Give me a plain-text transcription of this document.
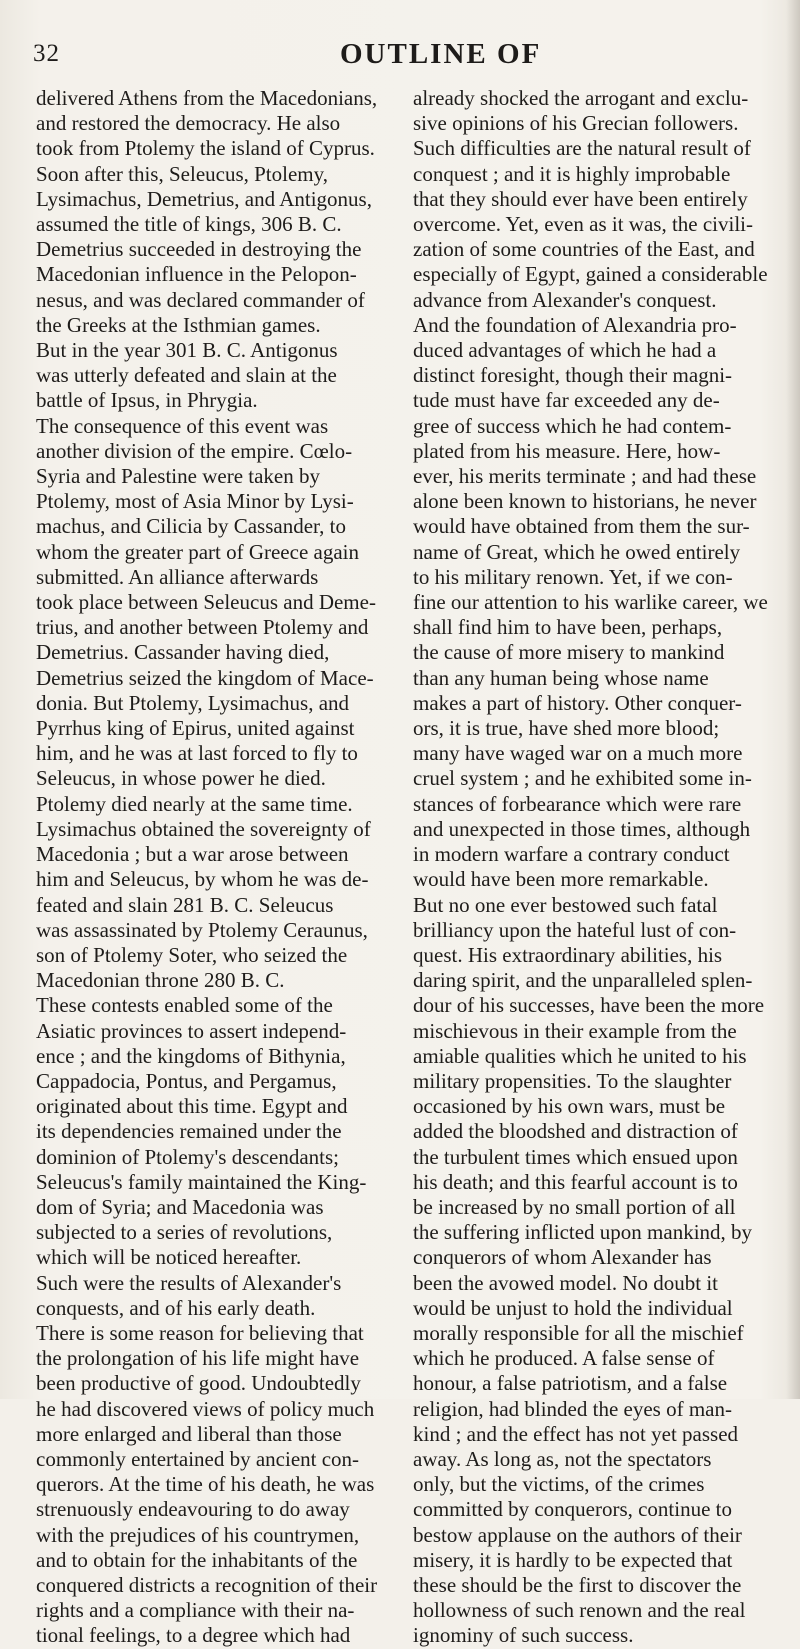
32	OUTLINE OF

delivered Athens from the Macedonians,

and restored the democracy. He also

took from Ptolemy the island of Cyprus.

Soon after this, Seleucus, Ptolemy,

Lysimachus, Demetrius, and Antigonus,

assumed the title of kings, 306 B. C.

Demetrius succeeded in destroying the

Macedonian influence in the Pelopon-

nesus, and was declared commander of

the Greeks at the Isthmian games.

But in the year 301 B. C. Antigonus

was utterly defeated and slain at the

battle of Ipsus, in Phrygia.

The consequence of this event was

another division of the empire. Cœlo-

Syria and Palestine were taken by

Ptolemy, most of Asia Minor by Lysi-

machus, and Cilicia by Cassander, to

whom the greater part of Greece again

submitted. An alliance afterwards

took place between Seleucus and Deme-

trius, and another between Ptolemy and

Demetrius. Cassander having died,

Demetrius seized the kingdom of Mace-

donia. But Ptolemy, Lysimachus, and

Pyrrhus king of Epirus, united against

him, and he was at last forced to fly to

Seleucus, in whose power he died.

Ptolemy died nearly at the same time.

Lysimachus obtained the sovereignty of

Macedonia ; but a war arose between

him and Seleucus, by whom he was de-

feated and slain 281 B. C. Seleucus

was assassinated by Ptolemy Ceraunus,

son of Ptolemy Soter, who seized the

Macedonian throne 280 B. C.

These contests enabled some of the

Asiatic provinces to assert independ-

ence ; and the kingdoms of Bithynia,

Cappadocia, Pontus, and Pergamus,

originated about this time. Egypt and

its dependencies remained under the

dominion of Ptolemy's descendants;

Seleucus's family maintained the King-

dom of Syria; and Macedonia was

subjected to a series of revolutions,

which will be noticed hereafter.

Such were the results of Alexander's

conquests, and of his early death.

There is some reason for believing that

the prolongation of his life might have

been productive of good. Undoubtedly

he had discovered views of policy much

more enlarged and liberal than those

commonly entertained by ancient con-

querors. At the time of his death, he was

strenuously endeavouring to do away

with the prejudices of his countrymen,

and to obtain for the inhabitants of the

conquered districts a recognition of their

rights and a compliance with their na-

tional feelings, to a degree which had

already shocked the arrogant and exclu-

sive opinions of his Grecian followers.

Such difficulties are the natural result of

conquest ; and it is highly improbable

that they should ever have been entirely

overcome. Yet, even as it was, the civili-

zation of some countries of the East, and

especially of Egypt, gained a considerable

advance from Alexander's conquest.

And the foundation of Alexandria pro-

duced advantages of which he had a

distinct foresight, though their magni-

tude must have far exceeded any de-

gree of success which he had contem-

plated from his measure. Here, how-

ever, his merits terminate ; and had these

alone been known to historians, he never

would have obtained from them the sur-

name of Great, which he owed entirely

to his military renown. Yet, if we con-

fine our attention to his warlike career, we

shall find him to have been, perhaps,

the cause of more misery to mankind

than any human being whose name

makes a part of history. Other conquer-

ors, it is true, have shed more blood;

many have waged war on a much more

cruel system ; and he exhibited some in-

stances of forbearance which were rare

and unexpected in those times, although

in modern warfare a contrary conduct

would have been more remarkable.

But no one ever bestowed such fatal

brilliancy upon the hateful lust of con-

quest. His extraordinary abilities, his

daring spirit, and the unparalleled splen-

dour of his successes, have been the more

mischievous in their example from the

amiable qualities which he united to his

military propensities. To the slaughter

occasioned by his own wars, must be

added the bloodshed and distraction of

the turbulent times which ensued upon

his death; and this fearful account is to

be increased by no small portion of all

the suffering inflicted upon mankind, by

conquerors of whom Alexander has

been the avowed model. No doubt it

would be unjust to hold the individual

morally responsible for all the mischief

which he produced. A false sense of

honour, a false patriotism, and a false

religion, had blinded the eyes of man-

kind ; and the effect has not yet passed

away. As long as, not the spectators

only, but the victims, of the crimes

committed by conquerors, continue to

bestow applause on the authors of their

misery, it is hardly to be expected that

these should be the first to discover the

hollowness of such renown and the real

ignominy of such success.
